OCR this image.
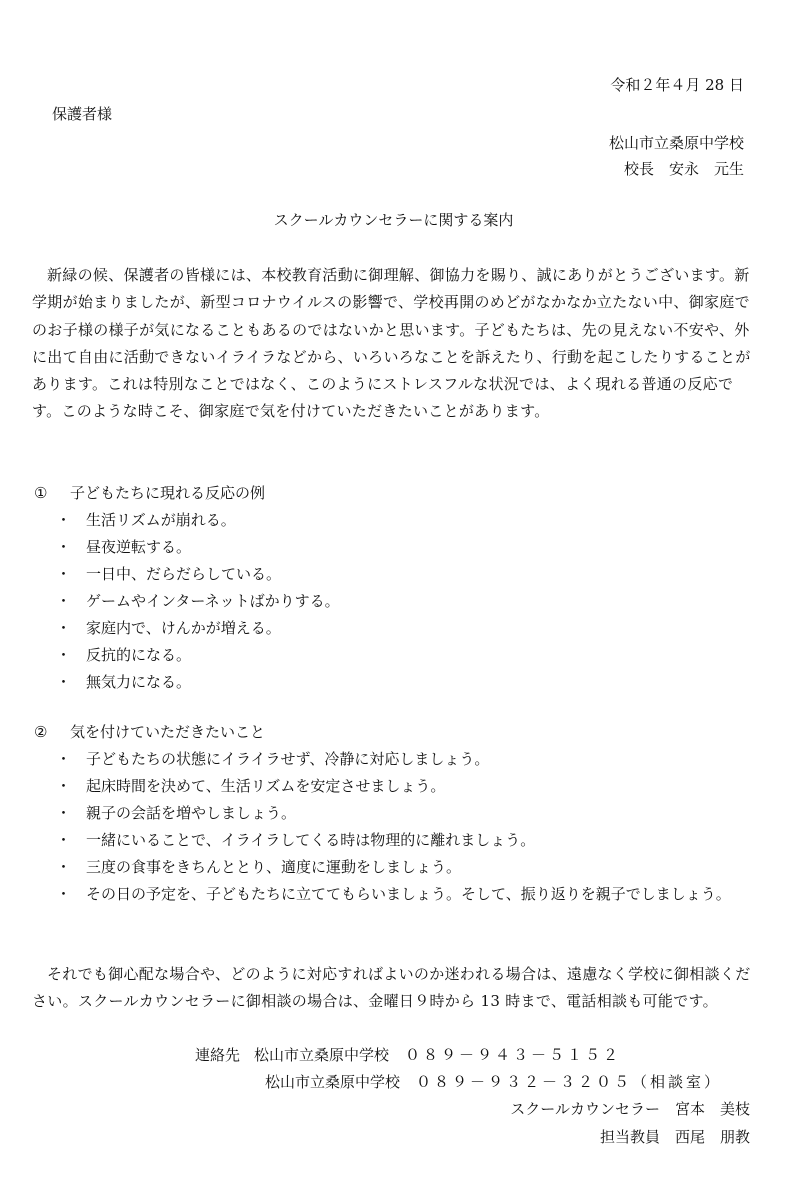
令和２年４月 28 日
保護者様
松山市立桑原中学校
校長　安永　元生
スクールカウンセラーに関する案内
新緑の候、保護者の皆様には、本校教育活動に御理解、御協力を賜り、誠にありがとうございます。新学期が始まりましたが、新型コロナウイルスの影響で、学校再開のめどがなかなか立たない中、御家庭でのお子様の様子が気になることもあるのではないかと思います。子どもたちは、先の見えない不安や、外に出て自由に活動できないイライラなどから、いろいろなことを訴えたり、行動を起こしたりすることがあります。これは特別なことではなく、このようにストレスフルな状況では、よく現れる普通の反応です。このような時こそ、御家庭で気を付けていただきたいことがあります。
① 子どもたちに現れる反応の例
・ 生活リズムが崩れる。
・ 昼夜逆転する。
・ 一日中、だらだらしている。
・ ゲームやインターネットばかりする。
・ 家庭内で、けんかが増える。
・ 反抗的になる。
・ 無気力になる。
② 気を付けていただきたいこと
・ 子どもたちの状態にイライラせず、冷静に対応しましょう。
・ 起床時間を決めて、生活リズムを安定させましょう。
・ 親子の会話を増やしましょう。
・ 一緒にいることで、イライラしてくる時は物理的に離れましょう。
・ 三度の食事をきちんととり、適度に運動をしましょう。
・ その日の予定を、子どもたちに立ててもらいましょう。そして、振り返りを親子でしましょう。
それでも御心配な場合や、どのように対応すればよいのか迷われる場合は、遠慮なく学校に御相談ください。スクールカウンセラーに御相談の場合は、金曜日９時から 13 時まで、電話相談も可能です。
連絡先 松山市立桑原中学校 ０８９－９４３－５１５２
松山市立桑原中学校 ０８９－９３２－３２０５（相談室）
スクールカウンセラー　宮本　美枝
担当教員　西尾　朋教
